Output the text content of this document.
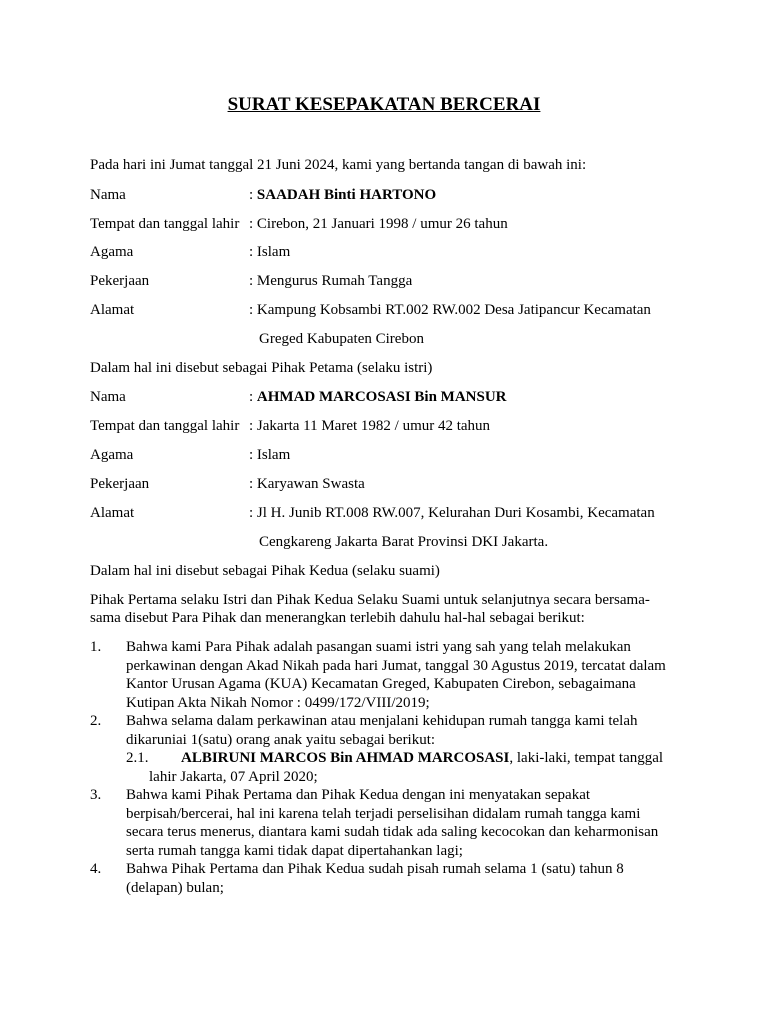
SURAT KESEPAKATAN BERCERAI
Pada hari ini Jumat tanggal 21 Juni 2024, kami yang bertanda tangan di bawah ini:
Nama	: SAADAH Binti HARTONO
Tempat dan tanggal lahir : Cirebon, 21 Januari 1998 / umur 26 tahun
Agama	: Islam
Pekerjaan	: Mengurus Rumah Tangga
Alamat	: Kampung Kobsambi RT.002 RW.002 Desa Jatipancur Kecamatan
Greged Kabupaten Cirebon
Dalam hal ini disebut sebagai Pihak Petama (selaku istri)
Nama	: AHMAD MARCOSASI Bin MANSUR
Tempat dan tanggal lahir : Jakarta 11 Maret 1982 / umur 42 tahun
Agama	: Islam
Pekerjaan	: Karyawan Swasta
Alamat	: Jl H. Junib RT.008 RW.007, Kelurahan Duri Kosambi, Kecamatan
Cengkareng Jakarta Barat Provinsi DKI Jakarta.
Dalam hal ini disebut sebagai Pihak Kedua (selaku suami)
Pihak Pertama selaku Istri dan Pihak Kedua Selaku Suami untuk selanjutnya secara bersama-
sama disebut Para Pihak dan menerangkan terlebih dahulu hal-hal sebagai berikut:
1. Bahwa kami Para Pihak adalah pasangan suami istri yang sah yang telah melakukan
perkawinan dengan Akad Nikah pada hari Jumat, tanggal 30 Agustus 2019, tercatat dalam
Kantor Urusan Agama (KUA) Kecamatan Greged, Kabupaten Cirebon, sebagaimana
Kutipan Akta Nikah Nomor : 0499/172/VIII/2019;
2. Bahwa selama dalam perkawinan atau menjalani kehidupan rumah tangga kami telah
dikaruniai 1(satu) orang anak yaitu sebagai berikut:
2.1. ALBIRUNI MARCOS Bin AHMAD MARCOSASI, laki-laki, tempat tanggal
lahir Jakarta, 07 April 2020;
3. Bahwa kami Pihak Pertama dan Pihak Kedua dengan ini menyatakan sepakat
berpisah/bercerai, hal ini karena telah terjadi perselisihan didalam rumah tangga kami
secara terus menerus, diantara kami sudah tidak ada saling kecocokan dan keharmonisan
serta rumah tangga kami tidak dapat dipertahankan lagi;
4. Bahwa Pihak Pertama dan Pihak Kedua sudah pisah rumah selama 1 (satu) tahun 8
(delapan) bulan;
